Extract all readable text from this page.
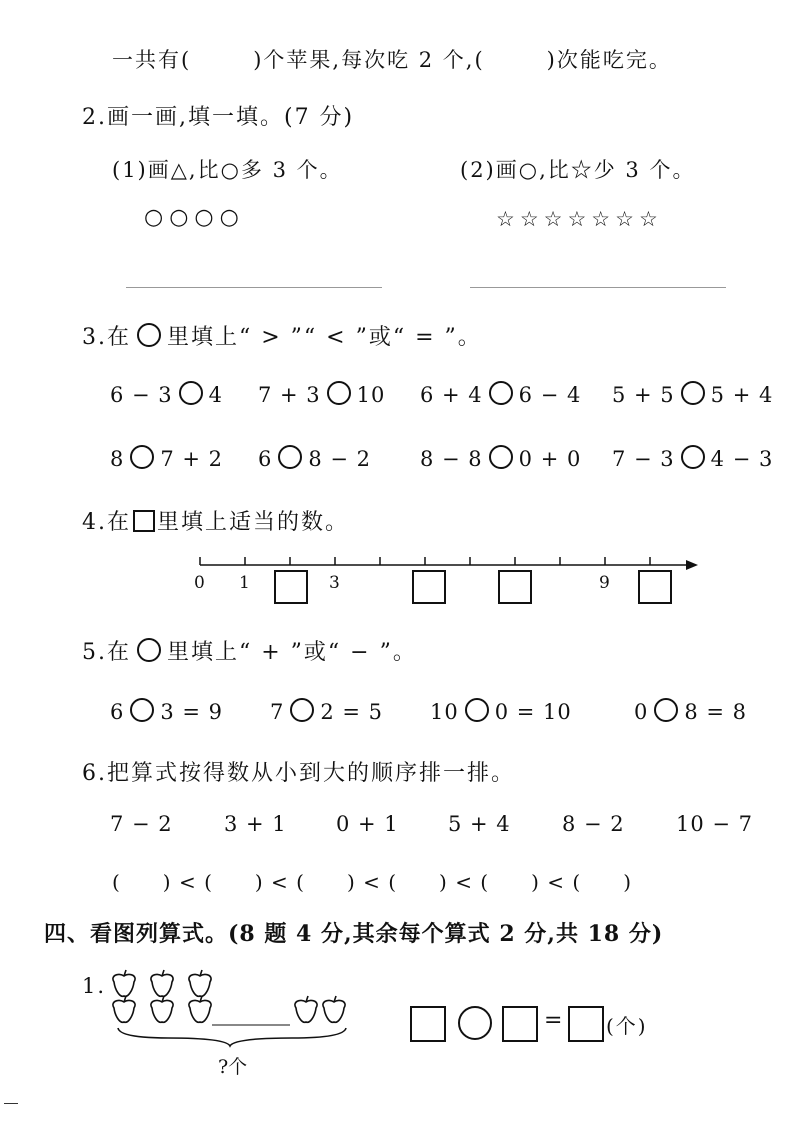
一共有(	)个苹果,每次吃 2 个,(	)次能吃完。
2.画一画,填一填。(7 分)
(1)画△,比○多 3 个。	(2)画○,比☆少 3 个。
○○○○	☆☆☆☆☆☆☆
3.在 里填上“ > ”“ < ”或“ = ”。
6 − 3 4 7 + 3 10 6 + 4 6 − 4 5 + 5 5 + 4
8 7 + 2 6 8 − 2 8 − 8 0 + 0 7 − 3 4 − 3
4.在 里填上适当的数。
0 1	3	9
5.在 里填上“ + ”或“ − ”。
6 3 = 9 7 2 = 5 10 0 = 10	0 8 = 8
6.把算式按得数从小到大的顺序排一排。
7 − 2 3 + 1 0 + 1 5 + 4 8 − 2 10 − 7
(　　) < (　　) < (　　) < (　　) < (　　) < (　　)
四、看图列算式。(8 题 4 分,其余每个算式 2 分,共 18 分)
1.
?个
= (个)
